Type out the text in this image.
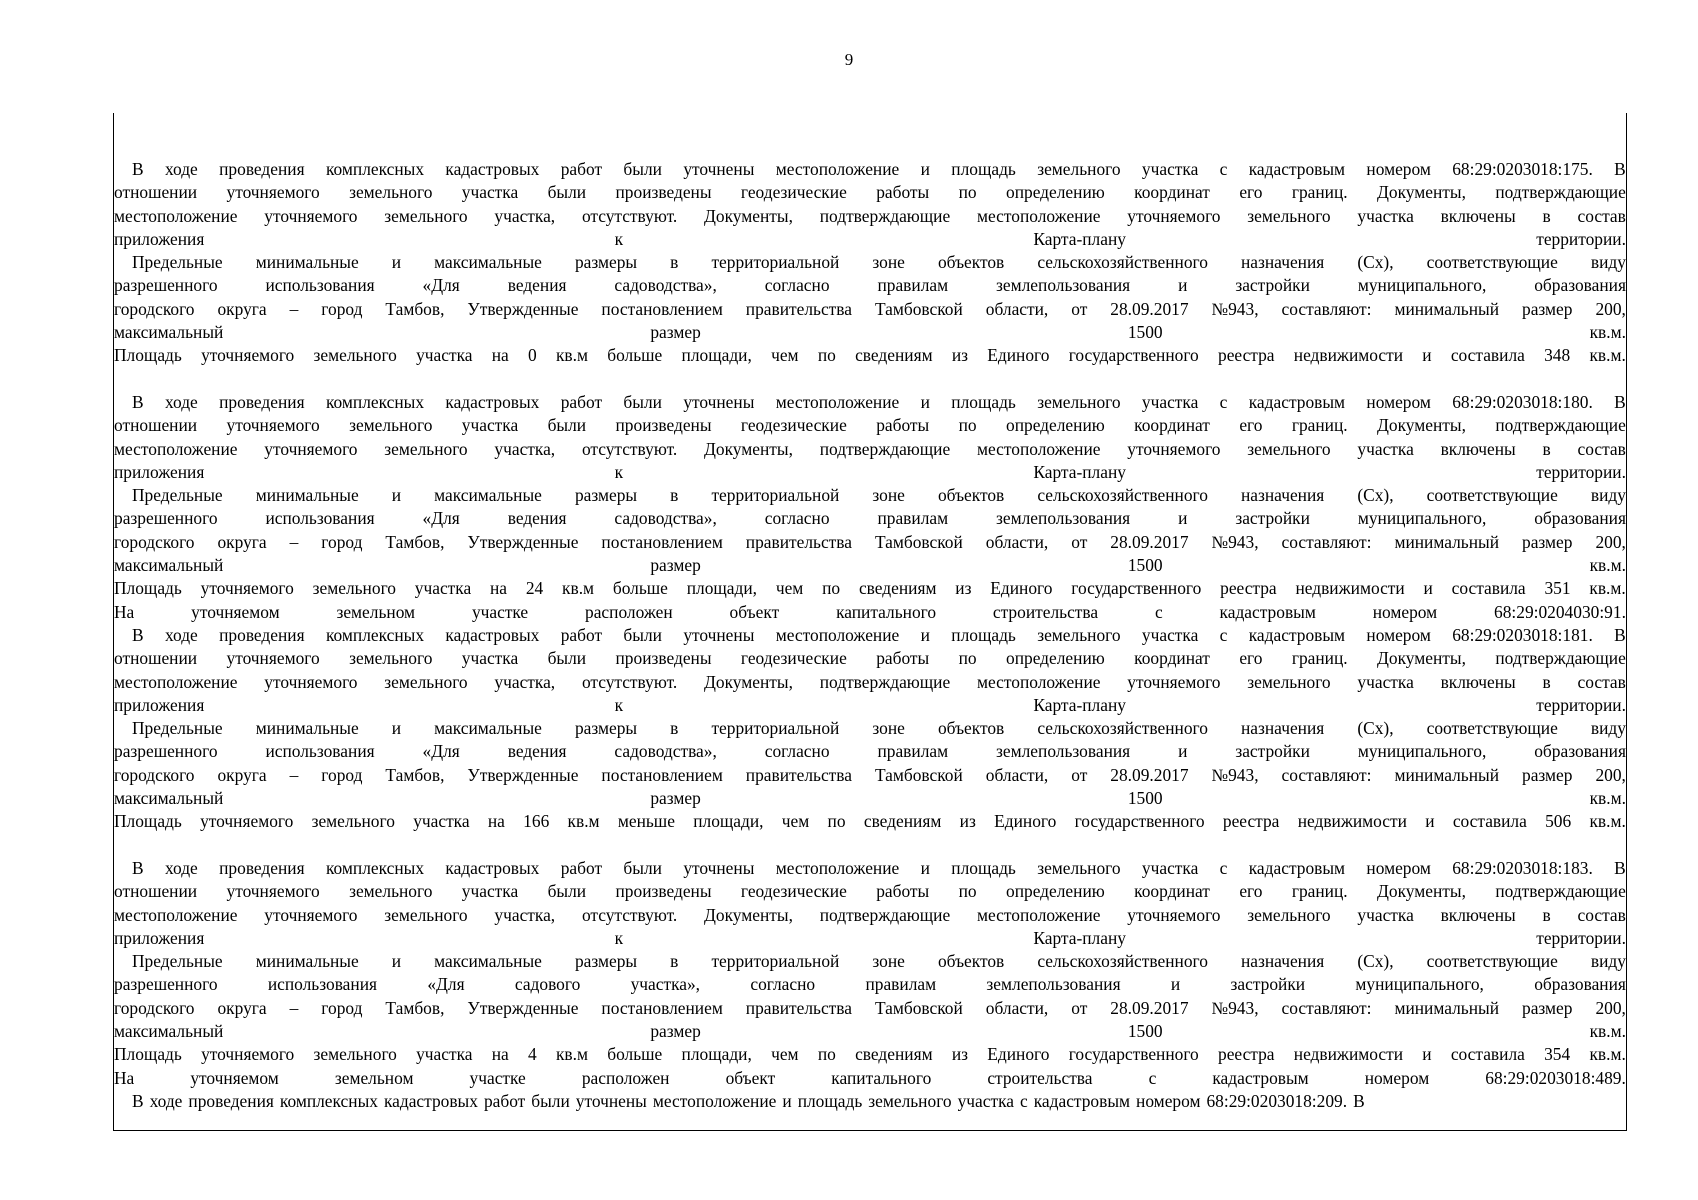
9
В ходе проведения комплексных кадастровых работ были уточнены местоположение и площадь земельного участка с кадастровым номером 68:29:0203018:175. В
отношении уточняемого земельного участка были произведены геодезические работы по определению координат его границ. Документы, подтверждающие
местоположение уточняемого земельного участка, отсутствуют. Документы, подтверждающие местоположение уточняемого земельного участка включены в состав
приложения	к	Карта-плану	территории.
Предельные минимальные и максимальные размеры в территориальной зоне объектов сельскохозяйственного назначения (Сх), соответствующие виду
разрешенного	использования	«Для	ведения	садоводства»,	согласно	правилам	землепользования	и	застройки	муниципального,	образования
городского округа – город Тамбов, Утвержденные постановлением правительства Тамбовской области, от 28.09.2017 №943, составляют: минимальный размер 200,
максимальный	размер	1500	кв.м.
Площадь уточняемого земельного участка на 0 кв.м больше площади, чем по сведениям из Единого государственного реестра недвижимости и составила 348 кв.м.
В ходе проведения комплексных кадастровых работ были уточнены местоположение и площадь земельного участка с кадастровым номером 68:29:0203018:180. В
отношении уточняемого земельного участка были произведены геодезические работы по определению координат его границ. Документы, подтверждающие
местоположение уточняемого земельного участка, отсутствуют. Документы, подтверждающие местоположение уточняемого земельного участка включены в состав
приложения	к	Карта-плану	территории.
Предельные минимальные и максимальные размеры в территориальной зоне объектов сельскохозяйственного назначения (Сх), соответствующие виду
разрешенного	использования	«Для	ведения	садоводства»,	согласно	правилам	землепользования	и	застройки	муниципального,	образования
городского округа – город Тамбов, Утвержденные постановлением правительства Тамбовской области, от 28.09.2017 №943, составляют: минимальный размер 200,
максимальный	размер	1500	кв.м.
Площадь уточняемого земельного участка на 24 кв.м больше площади, чем по сведениям из Единого государственного реестра недвижимости и составила 351 кв.м.
На	уточняемом	земельном	участке	расположен	объект	капитального	строительства	с	кадастровым	номером	68:29:0204030:91.
В ходе проведения комплексных кадастровых работ были уточнены местоположение и площадь земельного участка с кадастровым номером 68:29:0203018:181. В
отношении уточняемого земельного участка были произведены геодезические работы по определению координат его границ. Документы, подтверждающие
местоположение уточняемого земельного участка, отсутствуют. Документы, подтверждающие местоположение уточняемого земельного участка включены в состав
приложения	к	Карта-плану	территории.
Предельные минимальные и максимальные размеры в территориальной зоне объектов сельскохозяйственного назначения (Сх), соответствующие виду
разрешенного	использования	«Для	ведения	садоводства»,	согласно	правилам	землепользования	и	застройки	муниципального,	образования
городского округа – город Тамбов, Утвержденные постановлением правительства Тамбовской области, от 28.09.2017 №943, составляют: минимальный размер 200,
максимальный	размер	1500	кв.м.
Площадь уточняемого земельного участка на 166 кв.м меньше площади, чем по сведениям из Единого государственного реестра недвижимости и составила 506 кв.м.
В ходе проведения комплексных кадастровых работ были уточнены местоположение и площадь земельного участка с кадастровым номером 68:29:0203018:183. В
отношении уточняемого земельного участка были произведены геодезические работы по определению координат его границ. Документы, подтверждающие
местоположение уточняемого земельного участка, отсутствуют. Документы, подтверждающие местоположение уточняемого земельного участка включены в состав
приложения	к	Карта-плану	территории.
Предельные минимальные и максимальные размеры в территориальной зоне объектов сельскохозяйственного назначения (Сх), соответствующие виду
разрешенного	использования	«Для	садового	участка»,	согласно	правилам	землепользования	и	застройки	муниципального,	образования
городского округа – город Тамбов, Утвержденные постановлением правительства Тамбовской области, от 28.09.2017 №943, составляют: минимальный размер 200,
максимальный	размер	1500	кв.м.
Площадь уточняемого земельного участка на 4 кв.м больше площади, чем по сведениям из Единого государственного реестра недвижимости и составила 354 кв.м.
На	уточняемом	земельном	участке	расположен	объект	капитального	строительства	с	кадастровым	номером	68:29:0203018:489.
В ходе проведения комплексных кадастровых работ были уточнены местоположение и площадь земельного участка с кадастровым номером 68:29:0203018:209. В
